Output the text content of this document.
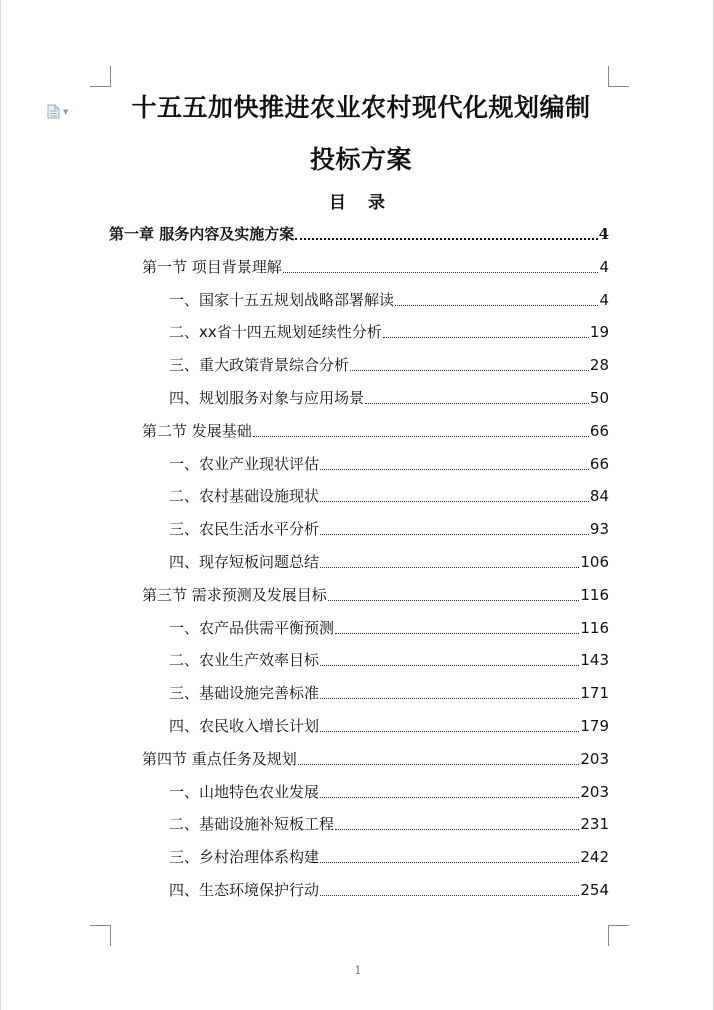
▼	十五五加快推进农业农村现代化规划编制
投标方案
目 录
第一章 服务内容及实施方案	4
第一节 项目背景理解	4
一、国家十五五规划战略部署解读	4
二、xx省十四五规划延续性分析	19
三、重大政策背景综合分析	28
四、规划服务对象与应用场景	50
第二节 发展基础	66
一、农业产业现状评估	66
二、农村基础设施现状	84
三、农民生活水平分析	93
四、现存短板问题总结	106
第三节 需求预测及发展目标	116
一、农产品供需平衡预测	116
二、农业生产效率目标	143
三、基础设施完善标准	171
四、农民收入增长计划	179
第四节 重点任务及规划	203
一、山地特色农业发展	203
二、基础设施补短板工程	231
三、乡村治理体系构建	242
四、生态环境保护行动	254
1
